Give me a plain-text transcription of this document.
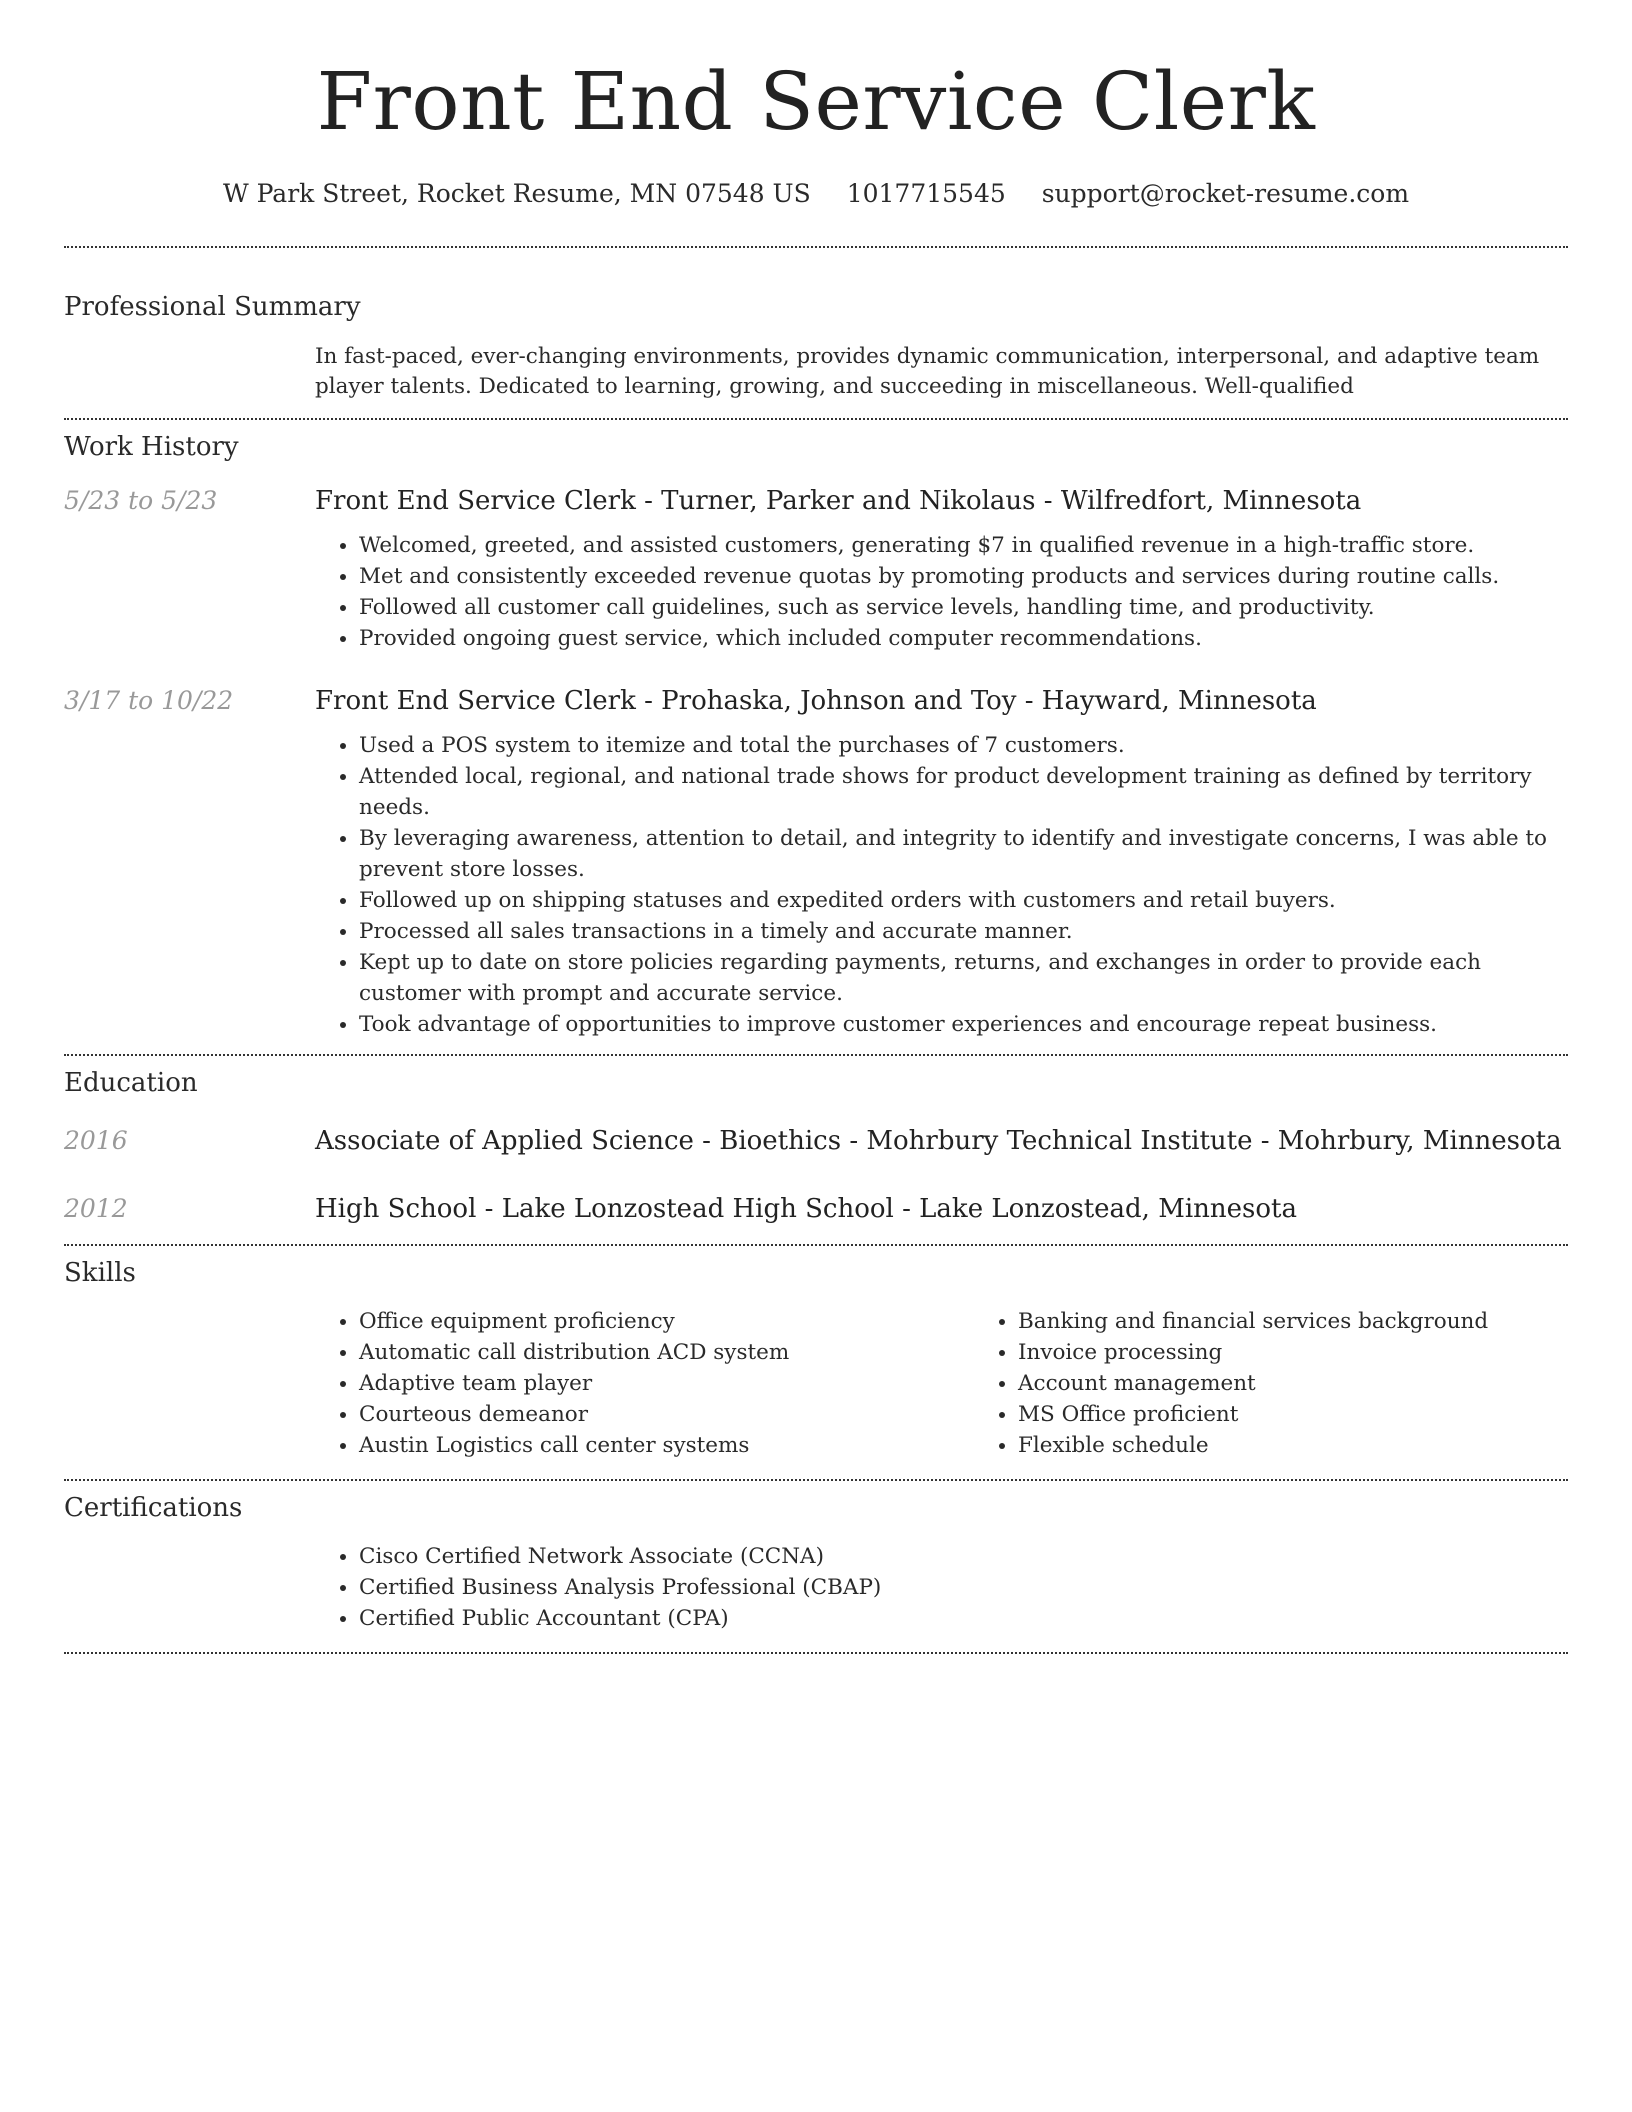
Front End Service Clerk
W Park Street, Rocket Resume, MN 07548 US 1017715545 support@rocket-resume.com
Professional Summary
In fast-paced, ever-changing environments, provides dynamic communication, interpersonal, and adaptive team player talents. Dedicated to learning, growing, and succeeding in miscellaneous. Well-qualified
Work History
5/23 to 5/23	Front End Service Clerk - Turner, Parker and Nikolaus - Wilfredfort, Minnesota
• Welcomed, greeted, and assisted customers, generating $7 in qualified revenue in a high-traffic store.
• Met and consistently exceeded revenue quotas by promoting products and services during routine calls.
• Followed all customer call guidelines, such as service levels, handling time, and productivity.
• Provided ongoing guest service, which included computer recommendations.
3/17 to 10/22	Front End Service Clerk - Prohaska, Johnson and Toy - Hayward, Minnesota
• Used a POS system to itemize and total the purchases of 7 customers.
• Attended local, regional, and national trade shows for product development training as defined by territory needs.
• By leveraging awareness, attention to detail, and integrity to identify and investigate concerns, I was able to prevent store losses.
• Followed up on shipping statuses and expedited orders with customers and retail buyers.
• Processed all sales transactions in a timely and accurate manner.
• Kept up to date on store policies regarding payments, returns, and exchanges in order to provide each customer with prompt and accurate service.
• Took advantage of opportunities to improve customer experiences and encourage repeat business.
Education
2016	Associate of Applied Science - Bioethics - Mohrbury Technical Institute - Mohrbury, Minnesota
2012	High School - Lake Lonzostead High School - Lake Lonzostead, Minnesota
Skills
• Office equipment proficiency
• Automatic call distribution ACD system
• Adaptive team player
• Courteous demeanor
• Austin Logistics call center systems
• Banking and financial services background
• Invoice processing
• Account management
• MS Office proficient
• Flexible schedule
Certifications
• Cisco Certified Network Associate (CCNA)
• Certified Business Analysis Professional (CBAP)
• Certified Public Accountant (CPA)
